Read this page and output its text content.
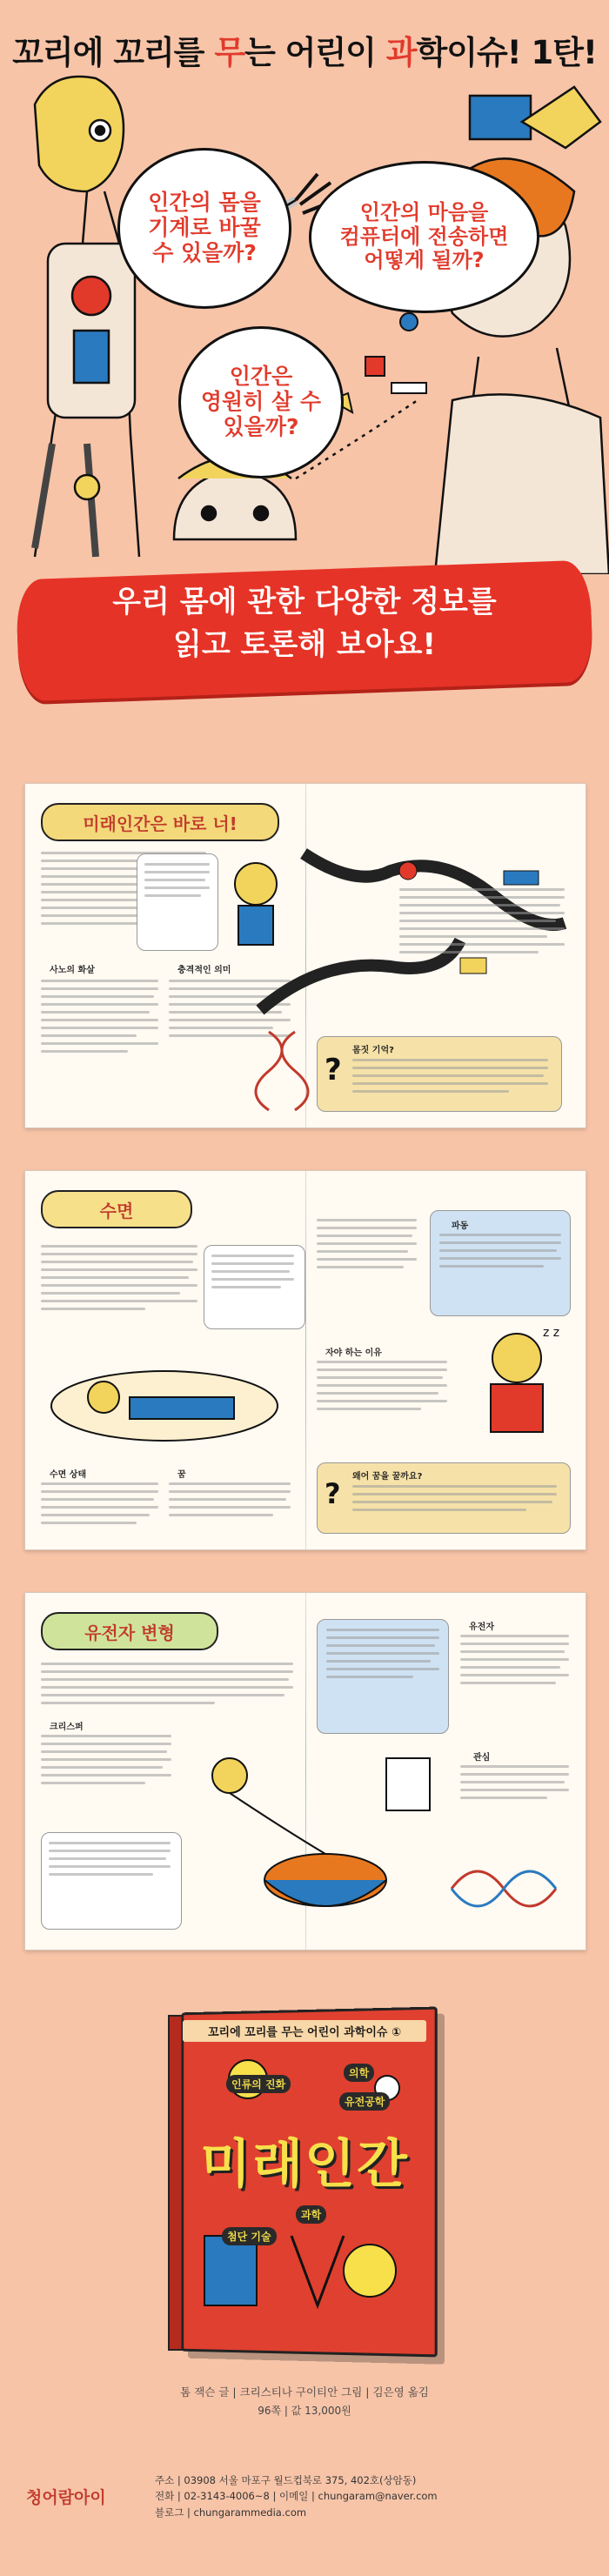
꼬리에 꼬리를 무는 어린이 과학이슈! 1탄!
인간의 몸을
기계로 바꿀
수 있을까?
인간의 마음을
컴퓨터에 전송하면
어떻게 될까?
인간은
영원히 살 수
있을까?
우리 몸에 관한 다양한 정보를
읽고 토론해 보아요!
미래인간은 바로 너!
사노의 화살	충격적인 의미
몸짓 기억?
?
수면
수면 상태	꿈
파동
자야 하는 이유
z z
왜어 꿈을 꿀까요?
?
유전자 변형
크리스퍼
유전자
관심
꼬리에 꼬리를 무는 어린이 과학이슈 ①
인류의 진화
의학
유전공학
미래인간
과학
첨단 기술
톰 잭슨 글 | 크리스티나 구이티안 그림 | 김은영 옮김
96쪽 | 값 13,000원
청어람아이
주소 | 03908 서울 마포구 월드컵북로 375, 402호(상암동)
전화 | 02-3143-4006~8 | 이메일 | chungaram@naver.com
블로그 | chungarammedia.com
